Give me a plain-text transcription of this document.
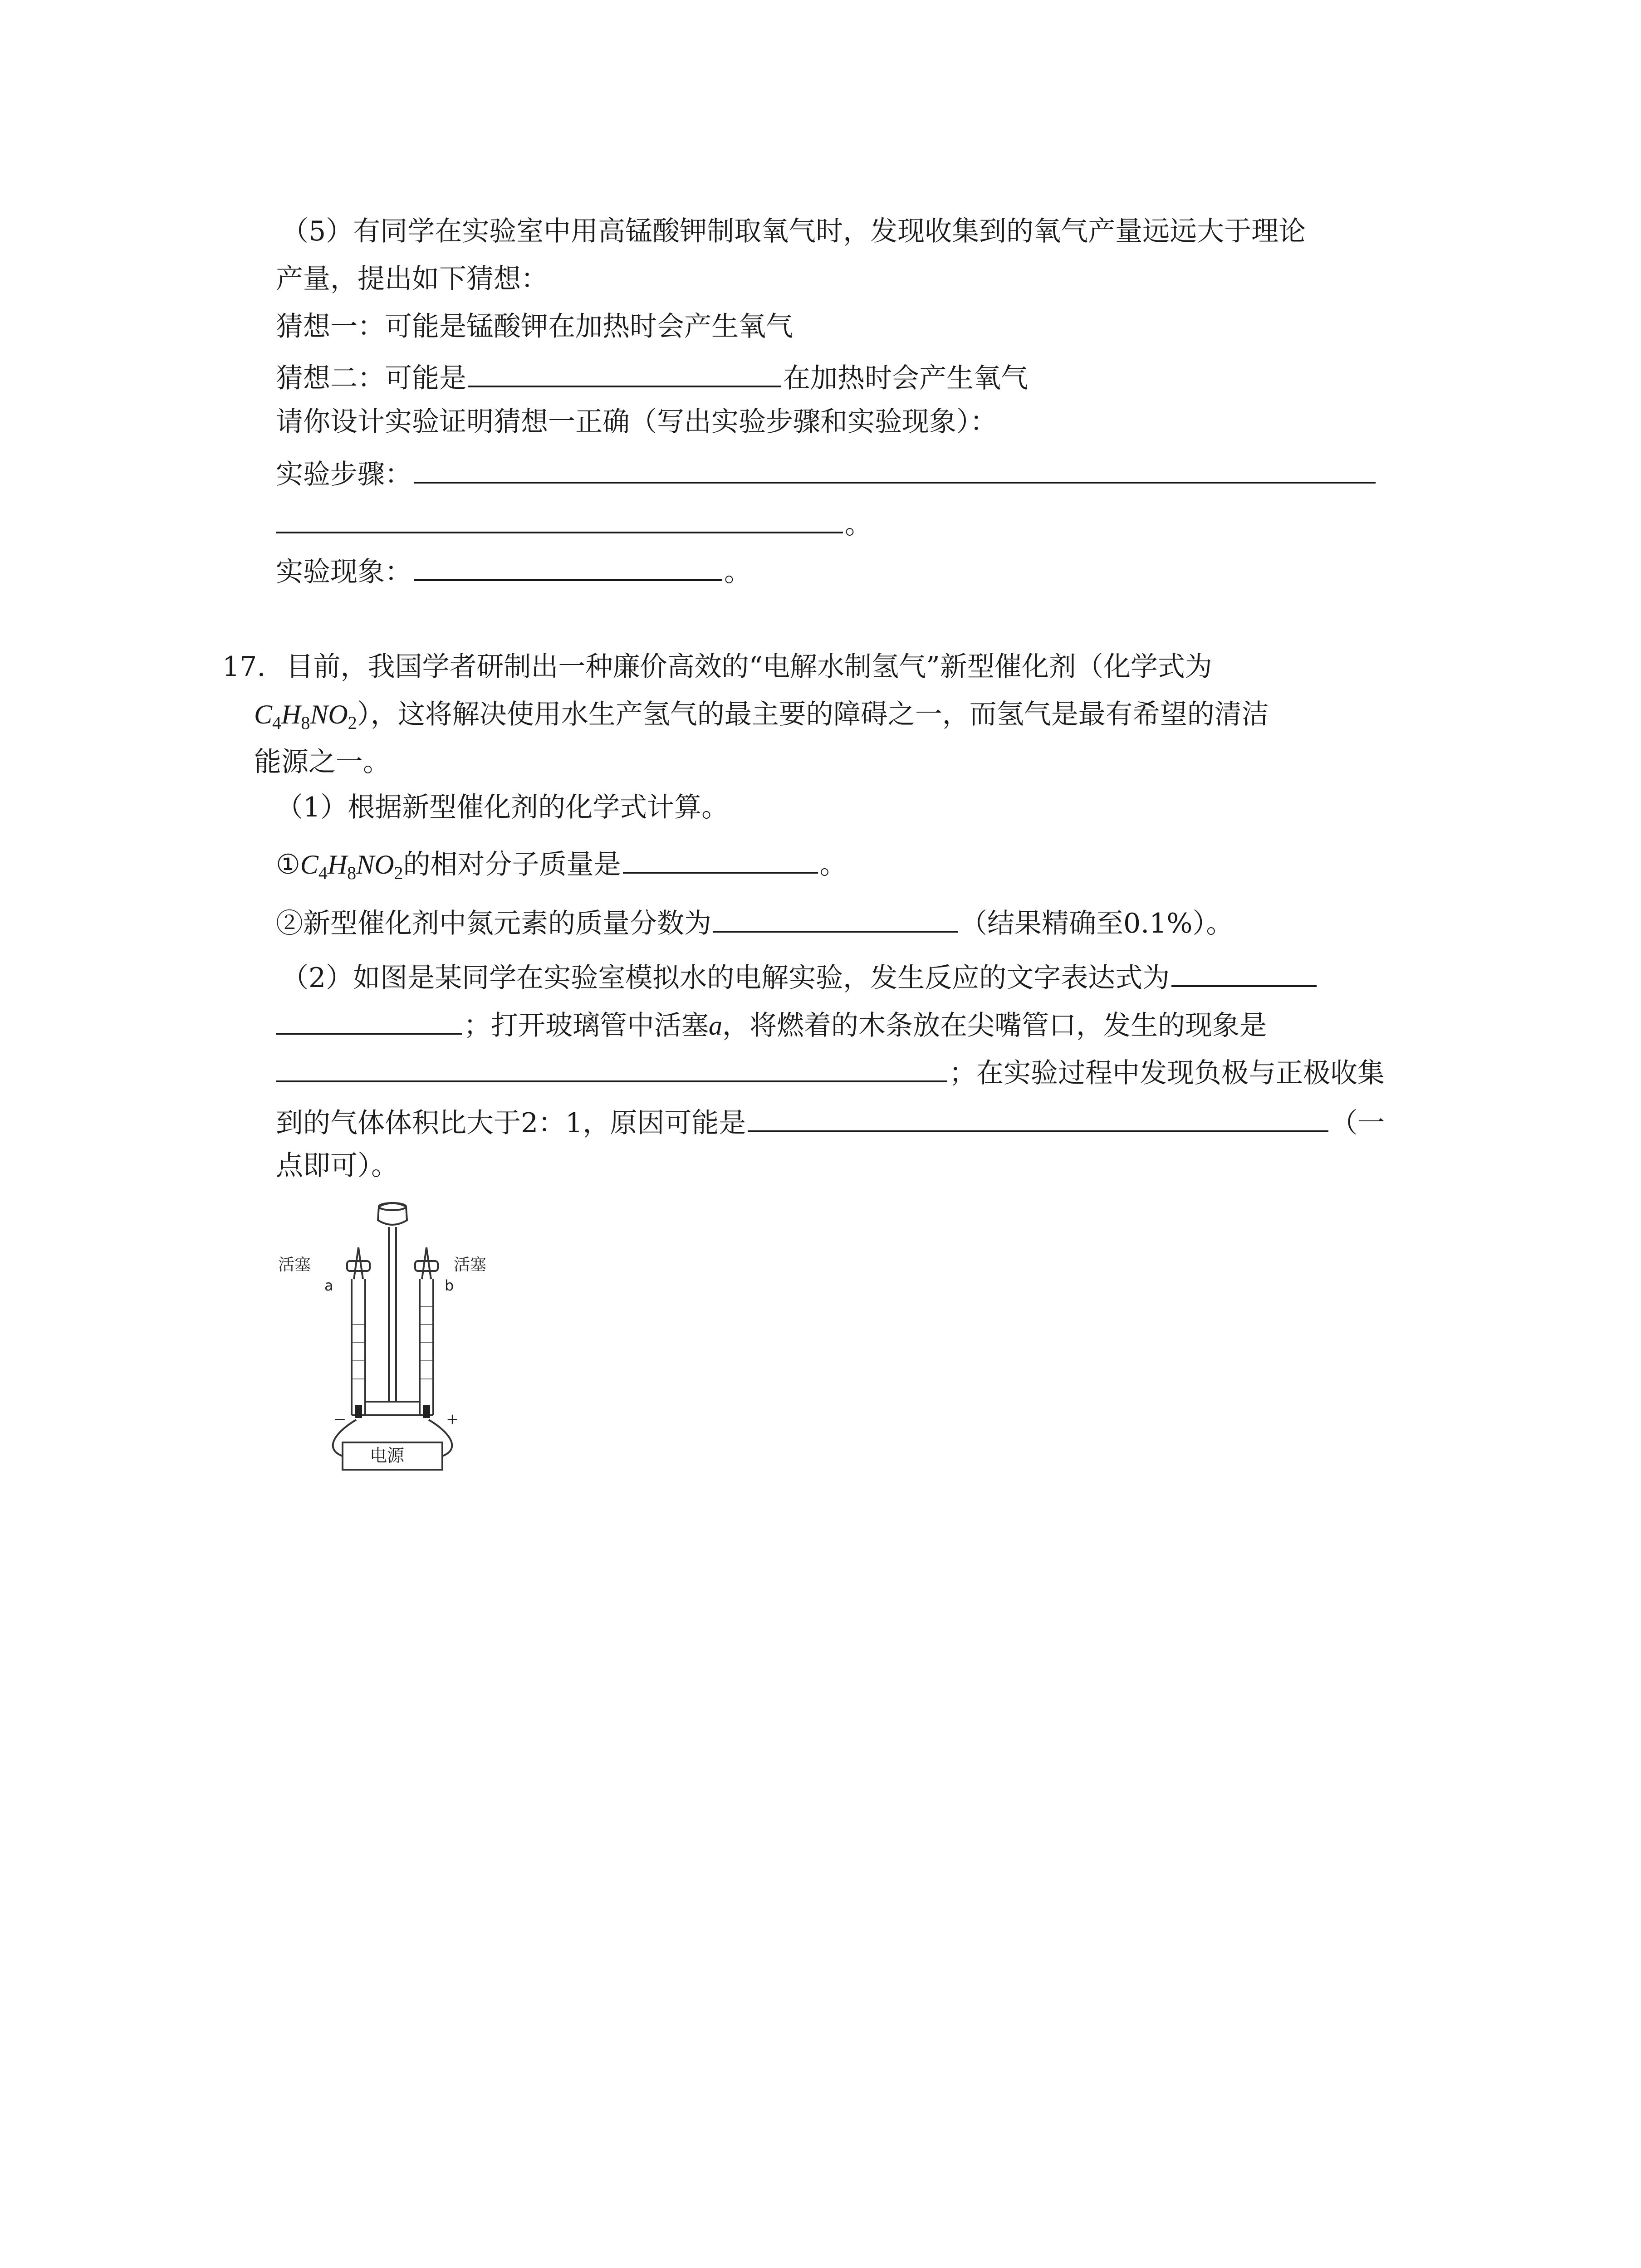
（5）有同学在实验室中用高锰酸钾制取氧气时，发现收集到的氧气产量远远大于理论
产量，提出如下猜想：
猜想一：可能是锰酸钾在加热时会产生氧气
猜想二：可能是	在加热时会产生氧气
请你设计实验证明猜想一正确（写出实验步骤和实验现象）：
实验步骤：
。
实验现象：	。
17. 目前，我国学者研制出一种廉价高效的“电解水制氢气”新型催化剂（化学式为
$C_4H_8NO_2$），这将解决使用水生产氢气的最主要的障碍之一，而氢气是最有希望的清洁
能源之一。
（1）根据新型催化剂的化学式计算。
$①C_4H_8NO_2$的相对分子质量是	。
②新型催化剂中氮元素的质量分数为	（结果精确至0.1%）。
（2）如图是某同学在实验室模拟水的电解实验，发生反应的文字表达式为
；打开玻璃管中活塞a，将燃着的木条放在尖嘴管口，发生的现象是
；在实验过程中发现负极与正极收集
到的气体体积比大于2：1，原因可能是	（一
点即可）。
活塞	活塞
a	b
−	+
电源
